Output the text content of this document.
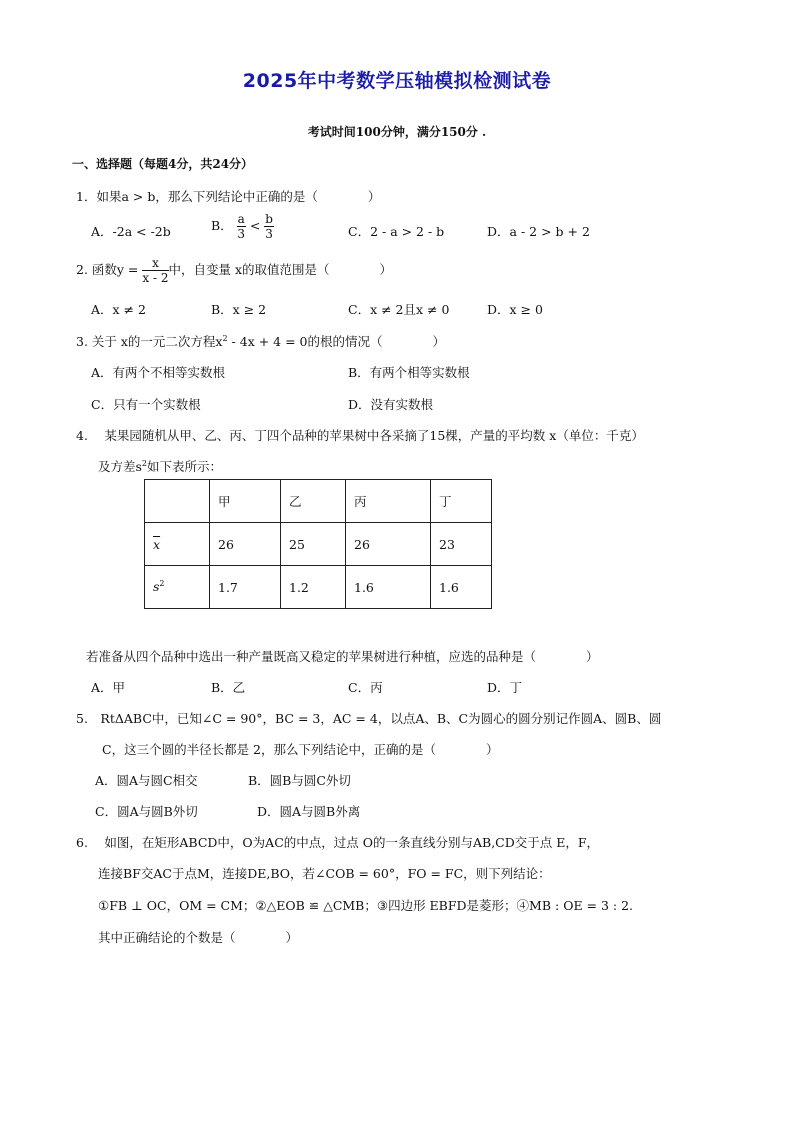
2025年中考数学压轴模拟检测试卷
考试时间100分钟，满分150分 .
一、选择题（每题4分，共24分）
1．如果a > b，那么下列结论中正确的是（　　　　）
A．-2a < -2b	B． $\frac{a}{3} < \frac{b}{3}$	C．2 - a > 2 - b	D．a - 2 > b + 2
2. 函数$y = \frac{x}{x - 2}$ 中，自变量 x的取值范围是（　　　　）
A．x ≠ 2	B．x ≥ 2	C．x ≠ 2且x ≠ 0	D．x ≥ 0
3. 关于 x的一元二次方程$x^2 - 4x + 4 = 0$的根的情况（　　　　）
A．有两个不相等实数根	B．有两个相等实数根
C．只有一个实数根	D．没有实数根
4.　 某果园随机从甲、乙、丙、丁四个品种的苹果树中各采摘了15棵，产量的平均数 x（单位：千克）
及方差$s^2$如下表所示：
	甲	乙	丙	丁
$\overline{x}$	26	25	26	23
$s^2$	1.7	1.2	1.6	1.6
若准备从四个品种中选出一种产量既高又稳定的苹果树进行种植，应选的品种是（　　　　）
A．甲	B．乙	C．丙	D．丁
5.　RtΔABC中，已知∠C = 90°，BC = 3，AC = 4，以点A、B、C为圆心的圆分别记作圆A、圆B、圆
C，这三个圆的半径长都是 2，那么下列结论中，正确的是（　　　　）
A．圆A与圆C相交	B．圆B与圆C外切
C．圆A与圆B外切	D．圆A与圆B外离
6.　 如图，在矩形ABCD中，O为AC的中点，过点 O的一条直线分别与AB,CD交于点 E，F，
连接BF交AC于点M，连接DE,BO，若∠COB = 60°，FO = FC，则下列结论：
①FB ⊥ OC，OM = CM；②△EOB ≌ △CMB；③四边形 EBFD是菱形；④MB : OE = 3 : 2.
其中正确结论的个数是（　　　　）
